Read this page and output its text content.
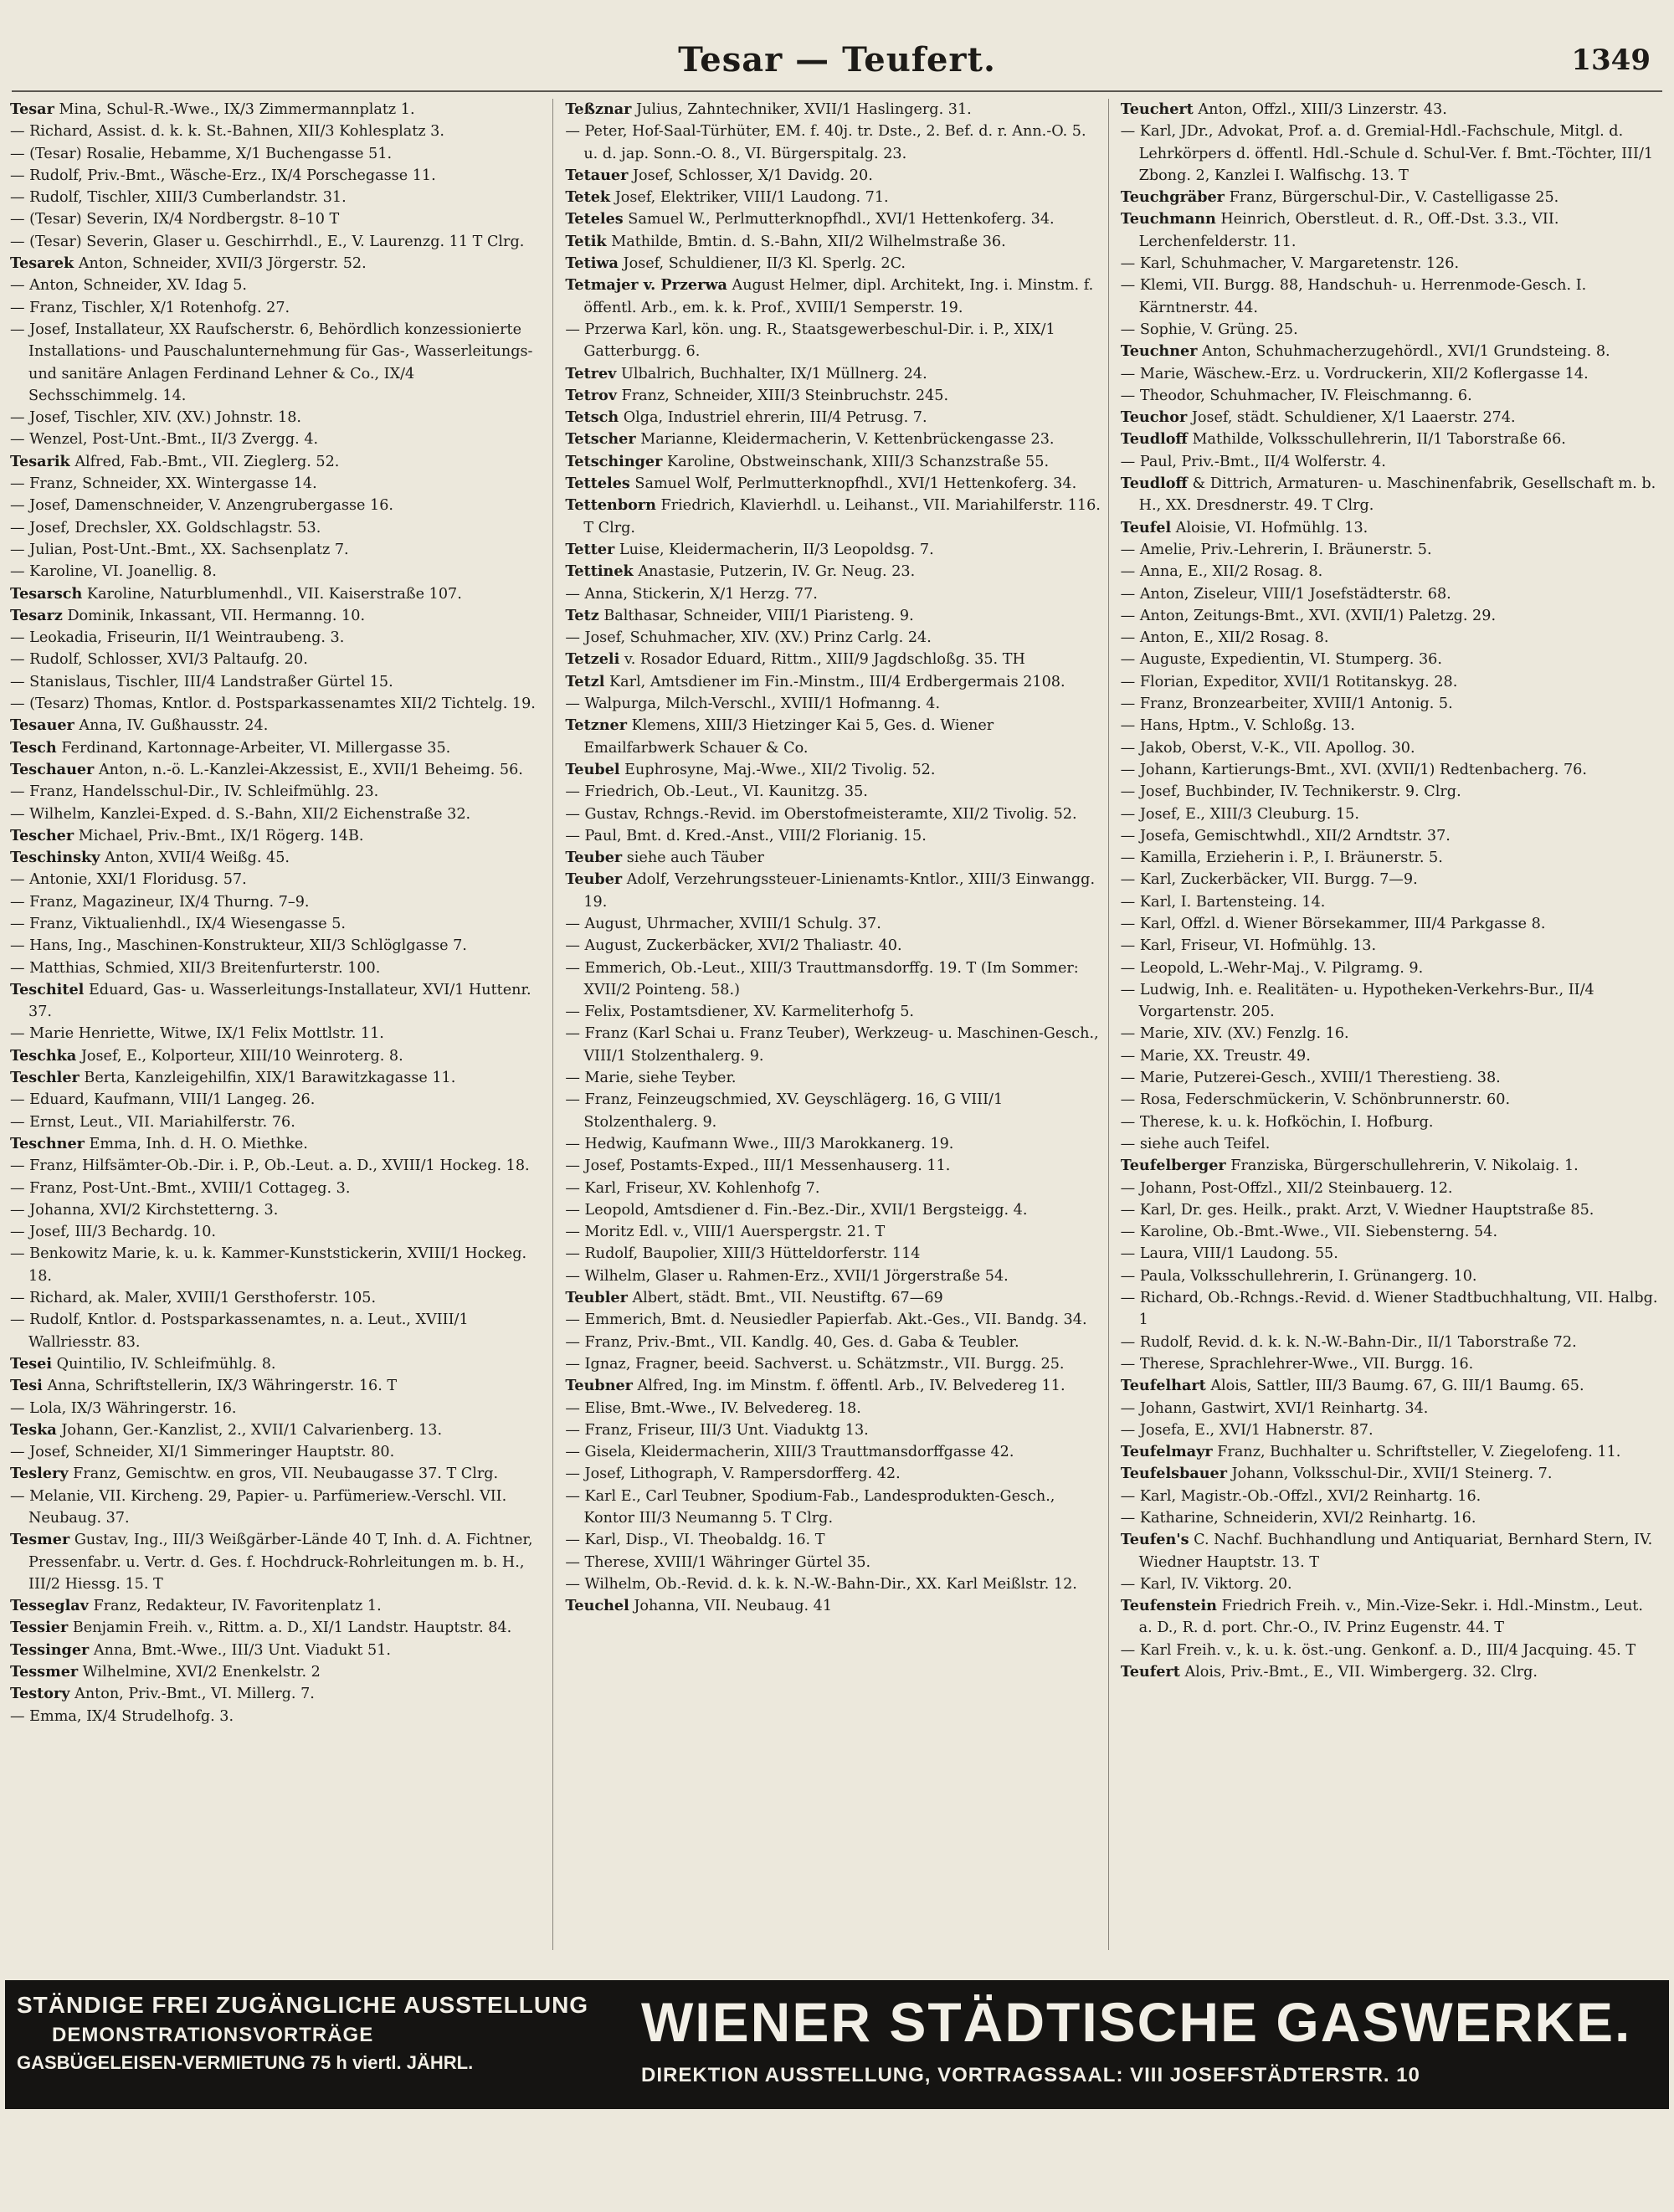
Tesar — Teufert.	1349

Tesar Mina, Schul-R.-Wwe., IX/3 Zimmermannplatz 1.

— Richard, Assist. d. k. k. St.-Bahnen, XII/3 Kohlesplatz 3.

— (Tesar) Rosalie, Hebamme, X/1 Buchengasse 51.

— Rudolf, Priv.-Bmt., Wäsche-Erz., IX/4 Porschegasse 11.

— Rudolf, Tischler, XIII/3 Cumberlandstr. 31.

— (Tesar) Severin, IX/4 Nordbergstr. 8–10 T

— (Tesar) Severin, Glaser u. Geschirrhdl., E., V. Laurenzg. 11 T Clrg.

Tesarek Anton, Schneider, XVII/3 Jörgerstr. 52.

— Anton, Schneider, XV. Idag 5.

— Franz, Tischler, X/1 Rotenhofg. 27.

— Josef, Installateur, XX Raufscherstr. 6, Behördlich konzessionierte Installations- und Pauschalunternehmung für Gas-, Wasserleitungs- und sanitäre Anlagen Ferdinand Lehner & Co., IX/4 Sechsschimmelg. 14.

— Josef, Tischler, XIV. (XV.) Johnstr. 18.

— Wenzel, Post-Unt.-Bmt., II/3 Zvergg. 4.

Tesarik Alfred, Fab.-Bmt., VII. Zieglerg. 52.

— Franz, Schneider, XX. Wintergasse 14.

— Josef, Damenschneider, V. Anzengrubergasse 16.

— Josef, Drechsler, XX. Goldschlagstr. 53.

— Julian, Post-Unt.-Bmt., XX. Sachsenplatz 7.

— Karoline, VI. Joanellig. 8.

Tesarsch Karoline, Naturblumenhdl., VII. Kaiserstraße 107.

Tesarz Dominik, Inkassant, VII. Hermanng. 10.

— Leokadia, Friseurin, II/1 Weintraubeng. 3.

— Rudolf, Schlosser, XVI/3 Paltaufg. 20.

— Stanislaus, Tischler, III/4 Landstraßer Gürtel 15.

— (Tesarz) Thomas, Kntlor. d. Postsparkassenamtes XII/2 Tichtelg. 19.

Tesauer Anna, IV. Gußhausstr. 24.

Tesch Ferdinand, Kartonnage-Arbeiter, VI. Millergasse 35.

Teschauer Anton, n.-ö. L.-Kanzlei-Akzessist, E., XVII/1 Beheimg. 56.

— Franz, Handelsschul-Dir., IV. Schleifmühlg. 23.

— Wilhelm, Kanzlei-Exped. d. S.-Bahn, XII/2 Eichenstraße 32.

Tescher Michael, Priv.-Bmt., IX/1 Rögerg. 14B.

Teschinsky Anton, XVII/4 Weißg. 45.

— Antonie, XXI/1 Floridusg. 57.

— Franz, Magazineur, IX/4 Thurng. 7–9.

— Franz, Viktualienhdl., IX/4 Wiesengasse 5.

— Hans, Ing., Maschinen-Konstrukteur, XII/3 Schlöglgasse 7.

— Matthias, Schmied, XII/3 Breitenfurterstr. 100.

Teschitel Eduard, Gas- u. Wasserleitungs-Installateur, XVI/1 Huttenr. 37.

— Marie Henriette, Witwe, IX/1 Felix Mottlstr. 11.

Teschka Josef, E., Kolporteur, XIII/10 Weinroterg. 8.

Teschler Berta, Kanzleigehilfin, XIX/1 Barawitzkagasse 11.

— Eduard, Kaufmann, VIII/1 Langeg. 26.

— Ernst, Leut., VII. Mariahilferstr. 76.

Teschner Emma, Inh. d. H. O. Miethke.

— Franz, Hilfsämter-Ob.-Dir. i. P., Ob.-Leut. a. D., XVIII/1 Hockeg. 18.

— Franz, Post-Unt.-Bmt., XVIII/1 Cottageg. 3.

— Johanna, XVI/2 Kirchstetterng. 3.

— Josef, III/3 Bechardg. 10.

— Benkowitz Marie, k. u. k. Kammer-Kunststickerin, XVIII/1 Hockeg. 18.

— Richard, ak. Maler, XVIII/1 Gersthoferstr. 105.

— Rudolf, Kntlor. d. Postsparkassenamtes, n. a. Leut., XVIII/1 Wallriesstr. 83.

Tesei Quintilio, IV. Schleifmühlg. 8.

Tesi Anna, Schriftstellerin, IX/3 Währingerstr. 16. T

— Lola, IX/3 Währingerstr. 16.

Teska Johann, Ger.-Kanzlist, 2., XVII/1 Calvarienberg. 13.

— Josef, Schneider, XI/1 Simmeringer Hauptstr. 80.

Teslery Franz, Gemischtw. en gros, VII. Neubaugasse 37. T Clrg.

— Melanie, VII. Kircheng. 29, Papier- u. Parfümeriew.-Verschl. VII. Neubaug. 37.

Tesmer Gustav, Ing., III/3 Weißgärber-Lände 40 T, Inh. d. A. Fichtner, Pressenfabr. u. Vertr. d. Ges. f. Hochdruck-Rohrleitungen m. b. H., III/2 Hiessg. 15. T

Tesseglav Franz, Redakteur, IV. Favoritenplatz 1.

Tessier Benjamin Freih. v., Rittm. a. D., XI/1 Landstr. Hauptstr. 84.

Tessinger Anna, Bmt.-Wwe., III/3 Unt. Viadukt 51.

Tessmer Wilhelmine, XVI/2 Enenkelstr. 2

Testory Anton, Priv.-Bmt., VI. Millerg. 7.

— Emma, IX/4 Strudelhofg. 3.

Teßznar Julius, Zahntechniker, XVII/1 Haslingerg. 31.

— Peter, Hof-Saal-Türhüter, EM. f. 40j. tr. Dste., 2. Bef. d. r. Ann.-O. 5. u. d. jap. Sonn.-O. 8., VI. Bürgerspitalg. 23.

Tetauer Josef, Schlosser, X/1 Davidg. 20.

Tetek Josef, Elektriker, VIII/1 Laudong. 71.

Teteles Samuel W., Perlmutterknopfhdl., XVI/1 Hettenkoferg. 34.

Tetik Mathilde, Bmtin. d. S.-Bahn, XII/2 Wilhelmstraße 36.

Tetiwa Josef, Schuldiener, II/3 Kl. Sperlg. 2C.

Tetmajer v. Przerwa August Helmer, dipl. Architekt, Ing. i. Minstm. f. öffentl. Arb., em. k. k. Prof., XVIII/1 Semperstr. 19.

— Przerwa Karl, kön. ung. R., Staatsgewerbeschul-Dir. i. P., XIX/1 Gatterburgg. 6.

Tetrev Ulbalrich, Buchhalter, IX/1 Müllnerg. 24.

Tetrov Franz, Schneider, XIII/3 Steinbruchstr. 245.

Tetsch Olga, Industriel ehrerin, III/4 Petrusg. 7.

Tetscher Marianne, Kleidermacherin, V. Kettenbrückengasse 23.

Tetschinger Karoline, Obstweinschank, XIII/3 Schanzstraße 55.

Tetteles Samuel Wolf, Perlmutterknopfhdl., XVI/1 Hettenkoferg. 34.

Tettenborn Friedrich, Klavierhdl. u. Leihanst., VII. Mariahilferstr. 116. T Clrg.

Tetter Luise, Kleidermacherin, II/3 Leopoldsg. 7.

Tettinek Anastasie, Putzerin, IV. Gr. Neug. 23.

— Anna, Stickerin, X/1 Herzg. 77.

Tetz Balthasar, Schneider, VIII/1 Piaristeng. 9.

— Josef, Schuhmacher, XIV. (XV.) Prinz Carlg. 24.

Tetzeli v. Rosador Eduard, Rittm., XIII/9 Jagdschloßg. 35. TH

Tetzl Karl, Amtsdiener im Fin.-Minstm., III/4 Erdbergermais 2108.

— Walpurga, Milch-Verschl., XVIII/1 Hofmanng. 4.

Tetzner Klemens, XIII/3 Hietzinger Kai 5, Ges. d. Wiener Emailfarbwerk Schauer & Co.

Teubel Euphrosyne, Maj.-Wwe., XII/2 Tivolig. 52.

— Friedrich, Ob.-Leut., VI. Kaunitzg. 35.

— Gustav, Rchngs.-Revid. im Oberstofmeisteramte, XII/2 Tivolig. 52.

— Paul, Bmt. d. Kred.-Anst., VIII/2 Florianig. 15.

Teuber siehe auch Täuber

Teuber Adolf, Verzehrungssteuer-Linienamts-Kntlor., XIII/3 Einwangg. 19.

— August, Uhrmacher, XVIII/1 Schulg. 37.

— August, Zuckerbäcker, XVI/2 Thaliastr. 40.

— Emmerich, Ob.-Leut., XIII/3 Trauttmansdorffg. 19. T (Im Sommer: XVII/2 Pointeng. 58.)

— Felix, Postamtsdiener, XV. Karmeliterhofg 5.

— Franz (Karl Schai u. Franz Teuber), Werkzeug- u. Maschinen-Gesch., VIII/1 Stolzenthalerg. 9.

— Marie, siehe Teyber.

— Franz, Feinzeugschmied, XV. Geyschlägerg. 16, G VIII/1 Stolzenthalerg. 9.

— Hedwig, Kaufmann Wwe., III/3 Marokkanerg. 19.

— Josef, Postamts-Exped., III/1 Messenhauserg. 11.

— Karl, Friseur, XV. Kohlenhofg 7.

— Leopold, Amtsdiener d. Fin.-Bez.-Dir., XVII/1 Bergsteigg. 4.

— Moritz Edl. v., VIII/1 Auerspergstr. 21. T

— Rudolf, Baupolier, XIII/3 Hütteldorferstr. 114

— Wilhelm, Glaser u. Rahmen-Erz., XVII/1 Jörgerstraße 54.

Teubler Albert, städt. Bmt., VII. Neustiftg. 67—69

— Emmerich, Bmt. d. Neusiedler Papierfab. Akt.-Ges., VII. Bandg. 34.

— Franz, Priv.-Bmt., VII. Kandlg. 40, Ges. d. Gaba & Teubler.

— Ignaz, Fragner, beeid. Sachverst. u. Schätzmstr., VII. Burgg. 25.

Teubner Alfred, Ing. im Minstm. f. öffentl. Arb., IV. Belvedereg 11.

— Elise, Bmt.-Wwe., IV. Belvedereg. 18.

— Franz, Friseur, III/3 Unt. Viaduktg 13.

— Gisela, Kleidermacherin, XIII/3 Trauttmansdorffgasse 42.

— Josef, Lithograph, V. Rampersdorfferg. 42.

— Karl E., Carl Teubner, Spodium-Fab., Landesprodukten-Gesch., Kontor III/3 Neumanng 5. T Clrg.

— Karl, Disp., VI. Theobaldg. 16. T

— Therese, XVIII/1 Währinger Gürtel 35.

— Wilhelm, Ob.-Revid. d. k. k. N.-W.-Bahn-Dir., XX. Karl Meißlstr. 12.

Teuchel Johanna, VII. Neubaug. 41

Teuchert Anton, Offzl., XIII/3 Linzerstr. 43.

— Karl, JDr., Advokat, Prof. a. d. Gremial-Hdl.-Fachschule, Mitgl. d. Lehrkörpers d. öffentl. Hdl.-Schule d. Schul-Ver. f. Bmt.-Töchter, III/1 Zbong. 2, Kanzlei I. Walfischg. 13. T

Teuchgräber Franz, Bürgerschul-Dir., V. Castelligasse 25.

Teuchmann Heinrich, Oberstleut. d. R., Off.-Dst. 3.3., VII. Lerchenfelderstr. 11.

— Karl, Schuhmacher, V. Margaretenstr. 126.

— Klemi, VII. Burgg. 88, Handschuh- u. Herrenmode-Gesch. I. Kärntnerstr. 44.

— Sophie, V. Grüng. 25.

Teuchner Anton, Schuhmacherzugehördl., XVI/1 Grundsteing. 8.

— Marie, Wäschew.-Erz. u. Vordruckerin, XII/2 Koflergasse 14.

— Theodor, Schuhmacher, IV. Fleischmanng. 6.

Teuchor Josef, städt. Schuldiener, X/1 Laaerstr. 274.

Teudloff Mathilde, Volksschullehrerin, II/1 Taborstraße 66.

— Paul, Priv.-Bmt., II/4 Wolferstr. 4.

Teudloff & Dittrich, Armaturen- u. Maschinenfabrik, Gesellschaft m. b. H., XX. Dresdnerstr. 49. T Clrg.

Teufel Aloisie, VI. Hofmühlg. 13.

— Amelie, Priv.-Lehrerin, I. Bräunerstr. 5.

— Anna, E., XII/2 Rosag. 8.

— Anton, Ziseleur, VIII/1 Josefstädterstr. 68.

— Anton, Zeitungs-Bmt., XVI. (XVII/1) Paletzg. 29.

— Anton, E., XII/2 Rosag. 8.

— Auguste, Expedientin, VI. Stumperg. 36.

— Florian, Expeditor, XVII/1 Rotitanskyg. 28.

— Franz, Bronzearbeiter, XVIII/1 Antonig. 5.

— Hans, Hptm., V. Schloßg. 13.

— Jakob, Oberst, V.-K., VII. Apollog. 30.

— Johann, Kartierungs-Bmt., XVI. (XVII/1) Redtenbacherg. 76.

— Josef, Buchbinder, IV. Technikerstr. 9. Clrg.

— Josef, E., XIII/3 Cleuburg. 15.

— Josefa, Gemischtwhdl., XII/2 Arndtstr. 37.

— Kamilla, Erzieherin i. P., I. Bräunerstr. 5.

— Karl, Zuckerbäcker, VII. Burgg. 7—9.

— Karl, I. Bartensteing. 14.

— Karl, Offzl. d. Wiener Börsekammer, III/4 Parkgasse 8.

— Karl, Friseur, VI. Hofmühlg. 13.

— Leopold, L.-Wehr-Maj., V. Pilgramg. 9.

— Ludwig, Inh. e. Realitäten- u. Hypotheken-Verkehrs-Bur., II/4 Vorgartenstr. 205.

— Marie, XIV. (XV.) Fenzlg. 16.

— Marie, XX. Treustr. 49.

— Marie, Putzerei-Gesch., XVIII/1 Therestieng. 38.

— Rosa, Federschmückerin, V. Schönbrunnerstr. 60.

— Therese, k. u. k. Hofköchin, I. Hofburg.

— siehe auch Teifel.

Teufelberger Franziska, Bürgerschullehrerin, V. Nikolaig. 1.

— Johann, Post-Offzl., XII/2 Steinbauerg. 12.

— Karl, Dr. ges. Heilk., prakt. Arzt, V. Wiedner Hauptstraße 85.

— Karoline, Ob.-Bmt.-Wwe., VII. Siebensterng. 54.

— Laura, VIII/1 Laudong. 55.

— Paula, Volksschullehrerin, I. Grünangerg. 10.

— Richard, Ob.-Rchngs.-Revid. d. Wiener Stadtbuchhaltung, VII. Halbg. 1

— Rudolf, Revid. d. k. k. N.-W.-Bahn-Dir., II/1 Taborstraße 72.

— Therese, Sprachlehrer-Wwe., VII. Burgg. 16.

Teufelhart Alois, Sattler, III/3 Baumg. 67, G. III/1 Baumg. 65.

— Johann, Gastwirt, XVI/1 Reinhartg. 34.

— Josefa, E., XVI/1 Habnerstr. 87.

Teufelmayr Franz, Buchhalter u. Schriftsteller, V. Ziegelofeng. 11.

Teufelsbauer Johann, Volksschul-Dir., XVII/1 Steinerg. 7.

— Karl, Magistr.-Ob.-Offzl., XVI/2 Reinhartg. 16.

— Katharine, Schneiderin, XVI/2 Reinhartg. 16.

Teufen's C. Nachf. Buchhandlung und Antiquariat, Bernhard Stern, IV. Wiedner Hauptstr. 13. T

— Karl, IV. Viktorg. 20.

Teufenstein Friedrich Freih. v., Min.-Vize-Sekr. i. Hdl.-Minstm., Leut. a. D., R. d. port. Chr.-O., IV. Prinz Eugenstr. 44. T

— Karl Freih. v., k. u. k. öst.-ung. Genkonf. a. D., III/4 Jacquing. 45. T

Teufert Alois, Priv.-Bmt., E., VII. Wimbergerg. 32. Clrg.

STÄNDIGE FREI ZUGÄNGLICHE AUSSTELLUNG
DEMONSTRATIONSVORTRÄGE
GASBÜGELEISEN-VERMIETUNG 75 h viertl. JÄHRL.
WIENER STÄDTISCHE GASWERKE.
DIREKTION AUSSTELLUNG, VORTRAGSSAAL: VIII JOSEFSTÄDTERSTR. 10
